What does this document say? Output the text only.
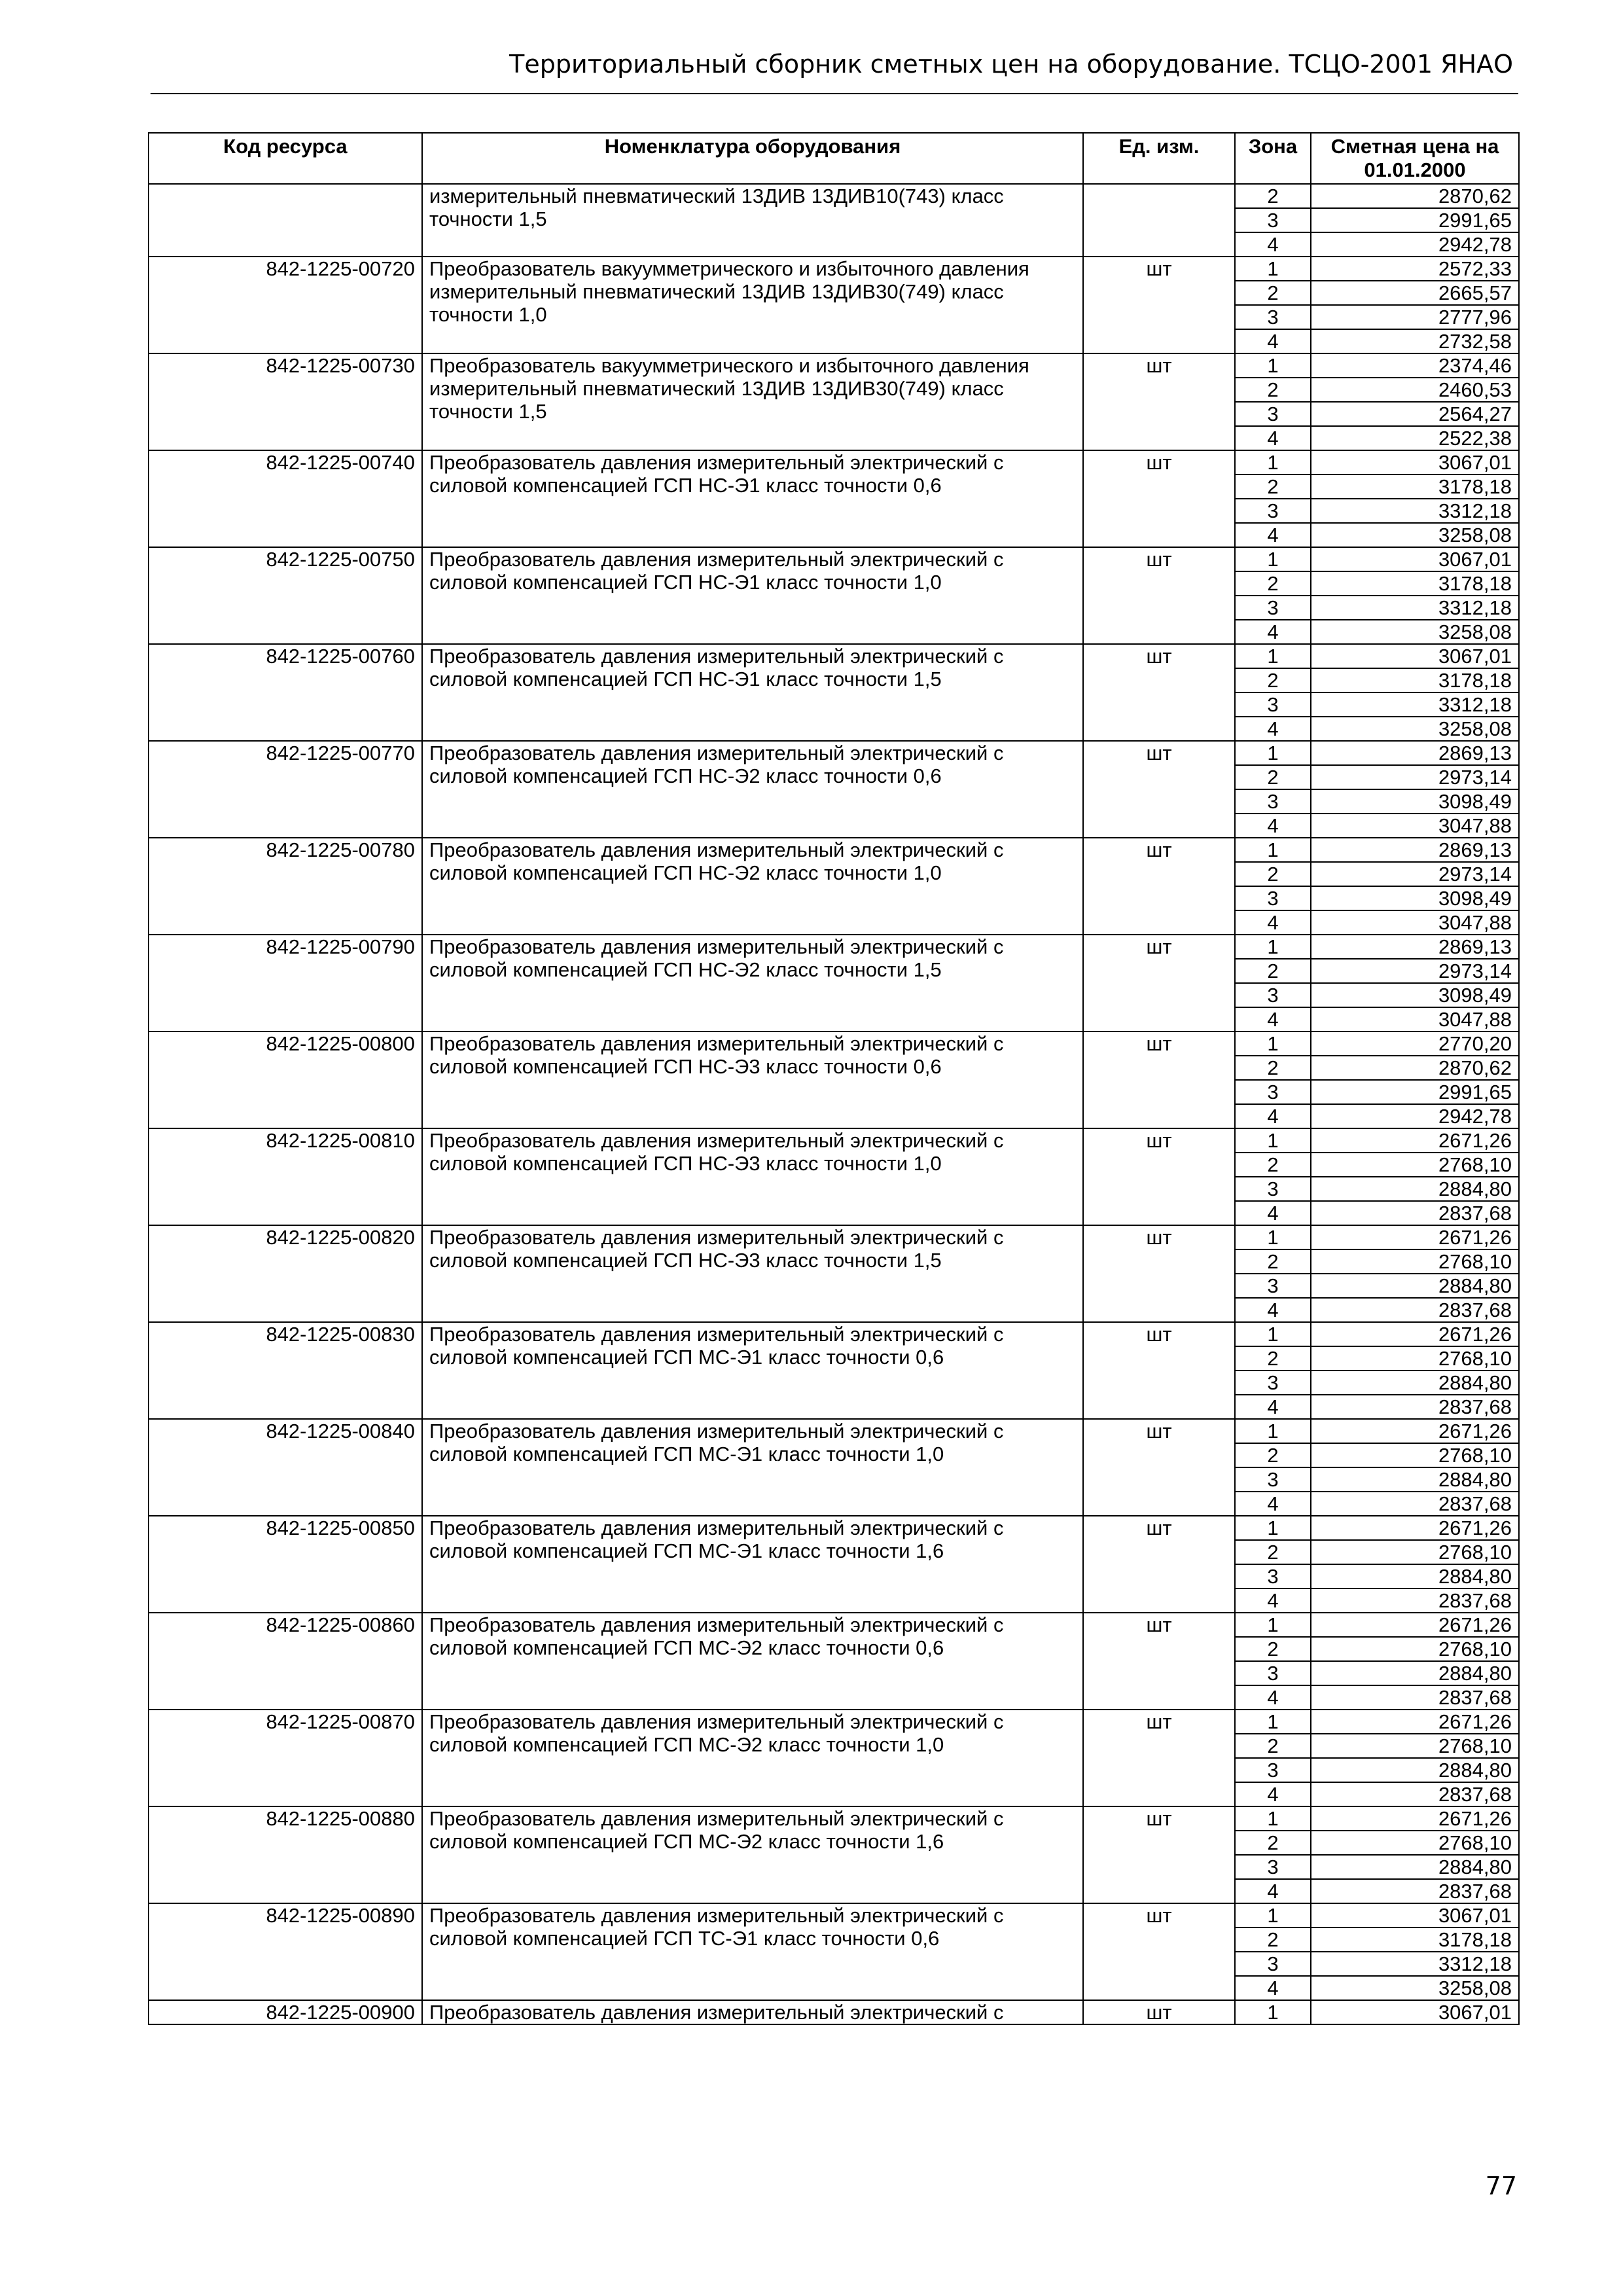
Территориальный сборник сметных цен на оборудование. ТСЦО-2001 ЯНАО
Код ресурса	Номенклатура оборудования	Ед. изм.	Зона	Сметная цена на 01.01.2000
	измерительный пневматический 13ДИВ 13ДИВ10(743) класс точности 1,5		2	2870,62
			3	2991,65
			4	2942,78
842-1225-00720	Преобразователь вакуумметрического и избыточного давления измерительный пневматический 13ДИВ 13ДИВ30(749) класс точности 1,0	шт	1	2572,33
			2	2665,57
			3	2777,96
			4	2732,58
842-1225-00730	Преобразователь вакуумметрического и избыточного давления измерительный пневматический 13ДИВ 13ДИВ30(749) класс точности 1,5	шт	1	2374,46
			2	2460,53
			3	2564,27
			4	2522,38
842-1225-00740	Преобразователь давления измерительный электрический с силовой компенсацией ГСП НС-Э1 класс точности 0,6	шт	1	3067,01
			2	3178,18
			3	3312,18
			4	3258,08
842-1225-00750	Преобразователь давления измерительный электрический с силовой компенсацией ГСП НС-Э1 класс точности 1,0	шт	1	3067,01
			2	3178,18
			3	3312,18
			4	3258,08
842-1225-00760	Преобразователь давления измерительный электрический с силовой компенсацией ГСП НС-Э1 класс точности 1,5	шт	1	3067,01
			2	3178,18
			3	3312,18
			4	3258,08
842-1225-00770	Преобразователь давления измерительный электрический с силовой компенсацией ГСП НС-Э2 класс точности 0,6	шт	1	2869,13
			2	2973,14
			3	3098,49
			4	3047,88
842-1225-00780	Преобразователь давления измерительный электрический с силовой компенсацией ГСП НС-Э2 класс точности 1,0	шт	1	2869,13
			2	2973,14
			3	3098,49
			4	3047,88
842-1225-00790	Преобразователь давления измерительный электрический с силовой компенсацией ГСП НС-Э2 класс точности 1,5	шт	1	2869,13
			2	2973,14
			3	3098,49
			4	3047,88
842-1225-00800	Преобразователь давления измерительный электрический с силовой компенсацией ГСП НС-Э3 класс точности 0,6	шт	1	2770,20
			2	2870,62
			3	2991,65
			4	2942,78
842-1225-00810	Преобразователь давления измерительный электрический с силовой компенсацией ГСП НС-Э3 класс точности 1,0	шт	1	2671,26
			2	2768,10
			3	2884,80
			4	2837,68
842-1225-00820	Преобразователь давления измерительный электрический с силовой компенсацией ГСП НС-Э3 класс точности 1,5	шт	1	2671,26
			2	2768,10
			3	2884,80
			4	2837,68
842-1225-00830	Преобразователь давления измерительный электрический с силовой компенсацией ГСП МС-Э1 класс точности 0,6	шт	1	2671,26
			2	2768,10
			3	2884,80
			4	2837,68
842-1225-00840	Преобразователь давления измерительный электрический с силовой компенсацией ГСП МС-Э1 класс точности 1,0	шт	1	2671,26
			2	2768,10
			3	2884,80
			4	2837,68
842-1225-00850	Преобразователь давления измерительный электрический с силовой компенсацией ГСП МС-Э1 класс точности 1,6	шт	1	2671,26
			2	2768,10
			3	2884,80
			4	2837,68
842-1225-00860	Преобразователь давления измерительный электрический с силовой компенсацией ГСП МС-Э2 класс точности 0,6	шт	1	2671,26
			2	2768,10
			3	2884,80
			4	2837,68
842-1225-00870	Преобразователь давления измерительный электрический с силовой компенсацией ГСП МС-Э2 класс точности 1,0	шт	1	2671,26
			2	2768,10
			3	2884,80
			4	2837,68
842-1225-00880	Преобразователь давления измерительный электрический с силовой компенсацией ГСП МС-Э2 класс точности 1,6	шт	1	2671,26
			2	2768,10
			3	2884,80
			4	2837,68
842-1225-00890	Преобразователь давления измерительный электрический с силовой компенсацией ГСП ТС-Э1 класс точности 0,6	шт	1	3067,01
			2	3178,18
			3	3312,18
			4	3258,08
842-1225-00900	Преобразователь давления измерительный электрический с	шт	1	3067,01
77
